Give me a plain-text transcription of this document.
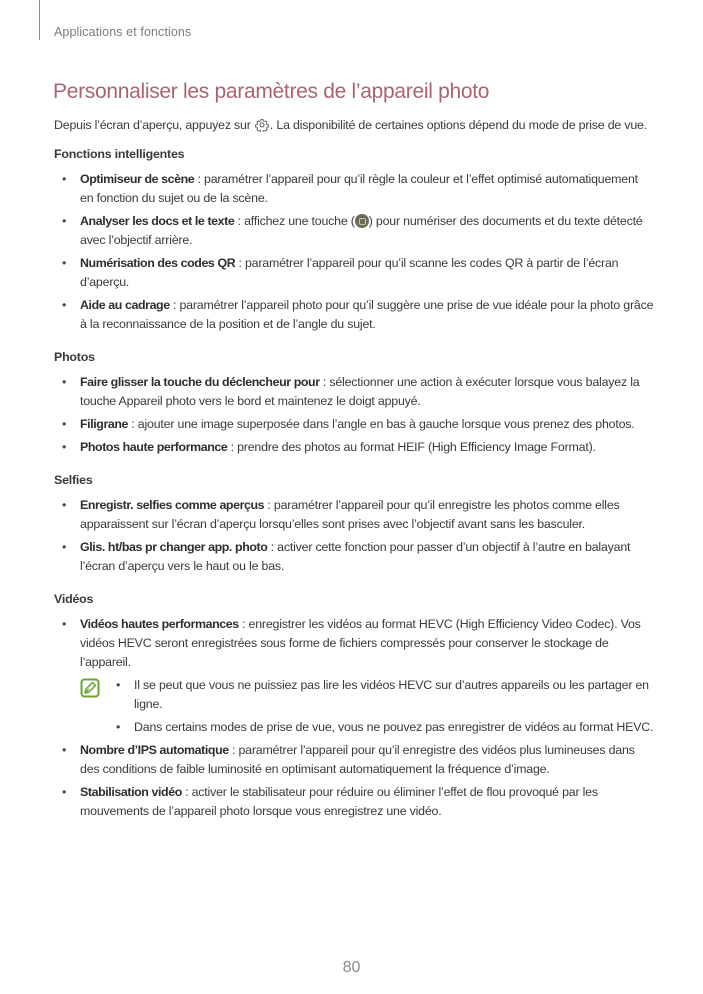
Applications et fonctions
Personnaliser les paramètres de l’appareil photo

Depuis l’écran d’aperçu, appuyez sur . La disponibilité de certaines options dépend du mode de prise de vue.

Fonctions intelligentes
• Optimiseur de scène : paramétrer l’appareil pour qu’il règle la couleur et l’effet optimisé automatiquement en fonction du sujet ou de la scène.
• Analyser les docs et le texte : affichez une touche ( ) pour numériser des documents et du texte détecté avec l’objectif arrière.
• Numérisation des codes QR : paramétrer l’appareil pour qu’il scanne les codes QR à partir de l’écran d’aperçu.
• Aide au cadrage : paramétrer l’appareil photo pour qu’il suggère une prise de vue idéale pour la photo grâce à la reconnaissance de la position et de l’angle du sujet.
Photos
• Faire glisser la touche du déclencheur pour : sélectionner une action à exécuter lorsque vous balayez la touche Appareil photo vers le bord et maintenez le doigt appuyé.
• Filigrane : ajouter une image superposée dans l’angle en bas à gauche lorsque vous prenez des photos.
• Photos haute performance : prendre des photos au format HEIF (High Efficiency Image Format).
Selfies
• Enregistr. selfies comme aperçus : paramétrer l’appareil pour qu’il enregistre les photos comme elles apparaissent sur l’écran d’aperçu lorsqu’elles sont prises avec l’objectif avant sans les basculer.
• Glis. ht/bas pr changer app. photo : activer cette fonction pour passer d’un objectif à l’autre en balayant l’écran d’aperçu vers le haut ou le bas.
Vidéos
• Vidéos hautes performances : enregistrer les vidéos au format HEVC (High Efficiency Video Codec). Vos vidéos HEVC seront enregistrées sous forme de fichiers compressés pour conserver le stockage de l’appareil.
• Il se peut que vous ne puissiez pas lire les vidéos HEVC sur d’autres appareils ou les partager en ligne.
• Dans certains modes de prise de vue, vous ne pouvez pas enregistrer de vidéos au format HEVC.
• Nombre d’IPS automatique : paramétrer l’appareil pour qu’il enregistre des vidéos plus lumineuses dans des conditions de faible luminosité en optimisant automatiquement la fréquence d’image.
• Stabilisation vidéo : activer le stabilisateur pour réduire ou éliminer l’effet de flou provoqué par les mouvements de l’appareil photo lorsque vous enregistrez une vidéo.
80
